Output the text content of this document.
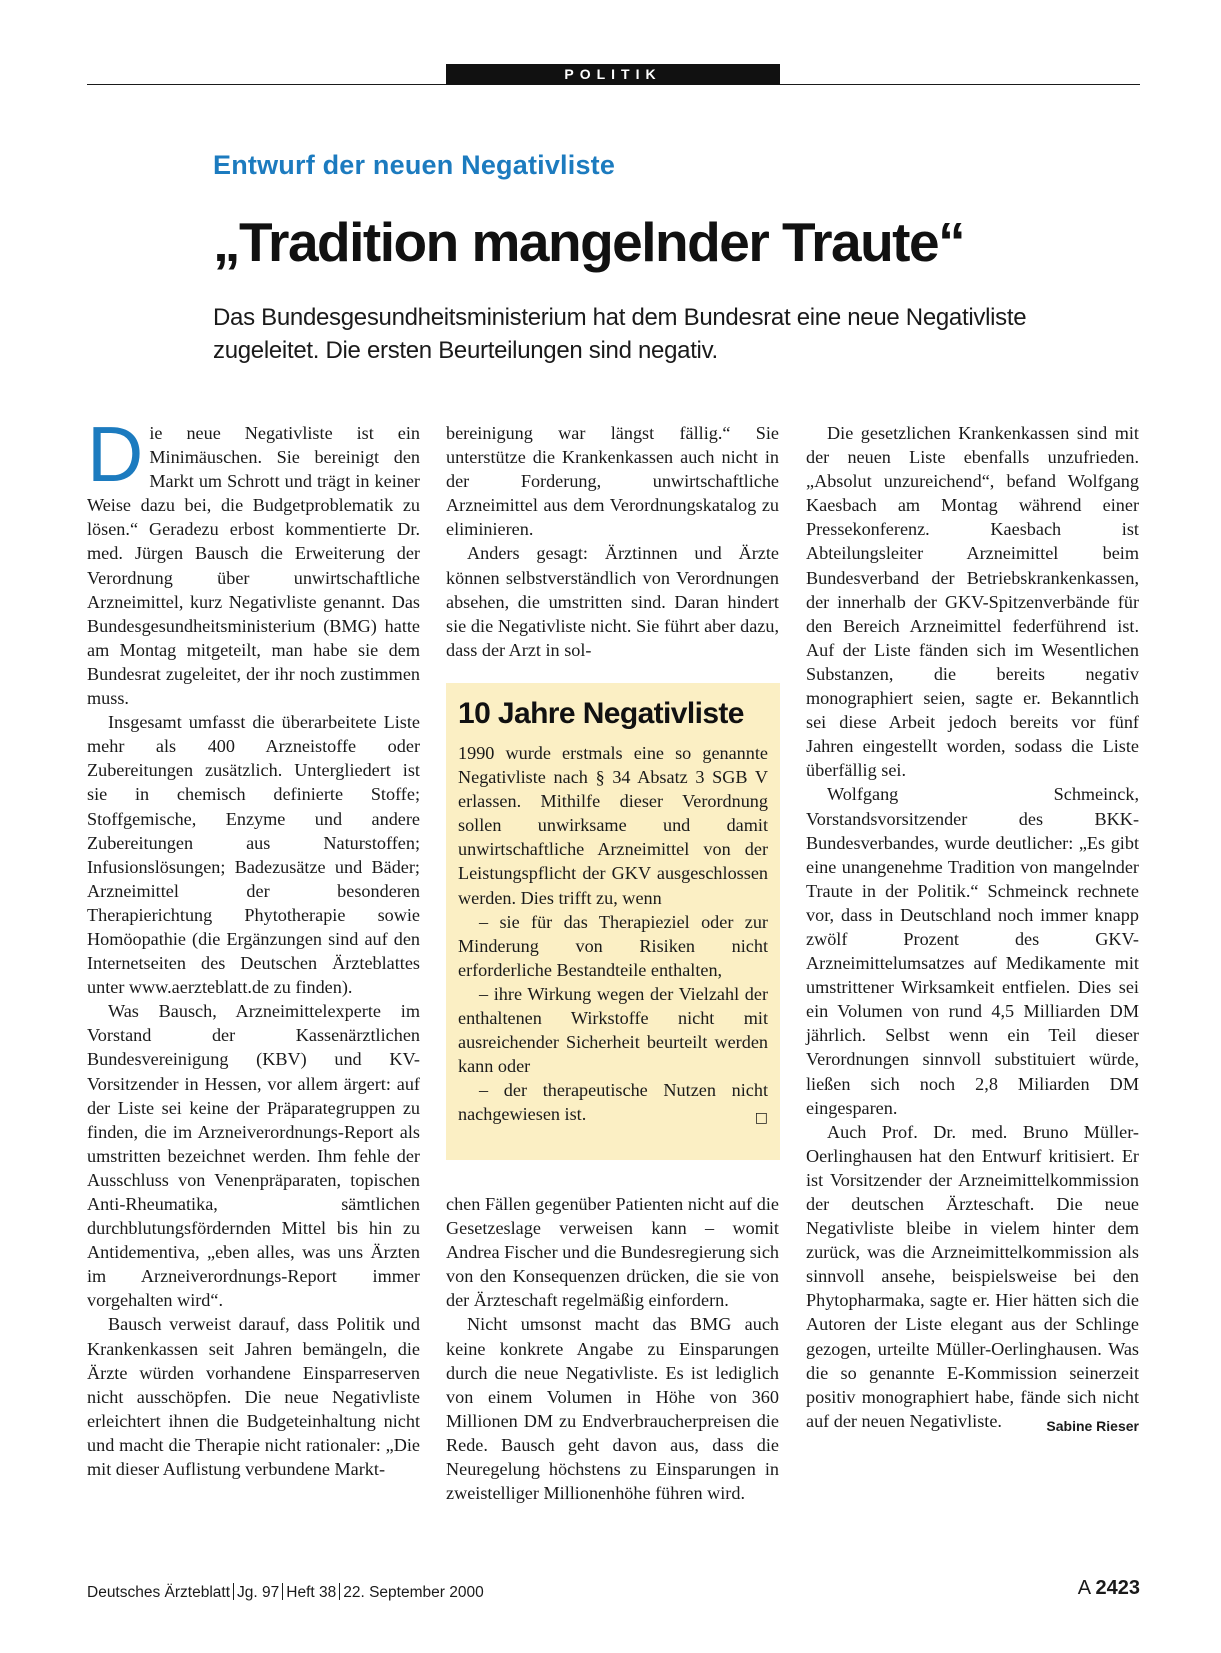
POLITIK
Entwurf der neuen Negativliste
„Tradition mangelnder Traute“
Das Bundesgesundheitsministerium hat dem Bundesrat eine neue Negativliste zugeleitet. Die ersten Beurteilungen sind negativ.

Die neue Negativliste ist ein Minimäuschen. Sie bereinigt den Markt um Schrott und trägt in keiner Weise dazu bei, die Budgetproblematik zu lösen.“ Geradezu erbost kommentierte Dr. med. Jürgen Bausch die Erweiterung der Verordnung über unwirtschaftliche Arzneimittel, kurz Negativliste genannt. Das Bundesgesundheitsministerium (BMG) hatte am Montag mitgeteilt, man habe sie dem Bundesrat zugeleitet, der ihr noch zustimmen muss.

Insgesamt umfasst die überarbeitete Liste mehr als 400 Arzneistoffe oder Zubereitungen zusätzlich. Untergliedert ist sie in chemisch definierte Stoffe; Stoffgemische, Enzyme und andere Zubereitungen aus Naturstoffen; Infusionslösungen; Badezusätze und Bäder; Arzneimittel der besonderen Therapierichtung Phytotherapie sowie Homöopathie (die Ergänzungen sind auf den Internetseiten des Deutschen Ärzteblattes unter www.aerzteblatt.de zu finden).

Was Bausch, Arzneimittelexperte im Vorstand der Kassenärztlichen Bundesvereinigung (KBV) und KV-Vorsitzender in Hessen, vor allem ärgert: auf der Liste sei keine der Präparategruppen zu finden, die im Arzneiverordnungs-Report als umstritten bezeichnet werden. Ihm fehle der Ausschluss von Venenpräparaten, topischen Anti-Rheumatika, sämtlichen durchblutungsfördernden Mittel bis hin zu Antidementiva, „eben alles, was uns Ärzten im Arzneiverordnungs-Report immer vorgehalten wird“.

Bausch verweist darauf, dass Politik und Krankenkassen seit Jahren bemängeln, die Ärzte würden vorhandene Einsparreserven nicht ausschöpfen. Die neue Negativliste erleichtert ihnen die Budgeteinhaltung nicht und macht die Therapie nicht rationaler: „Die mit dieser Auflistung verbundene Markt-

bereinigung war längst fällig.“ Sie unterstütze die Krankenkassen auch nicht in der Forderung, unwirtschaftliche Arzneimittel aus dem Verordnungskatalog zu eliminieren.

Anders gesagt: Ärztinnen und Ärzte können selbstverständlich von Verordnungen absehen, die umstritten sind. Daran hindert sie die Negativliste nicht. Sie führt aber dazu, dass der Arzt in sol-

10 Jahre Negativliste

1990 wurde erstmals eine so genannte Negativliste nach § 34 Absatz 3 SGB V erlassen. Mithilfe dieser Verordnung sollen unwirksame und damit unwirtschaftliche Arzneimittel von der Leistungspflicht der GKV ausgeschlossen werden. Dies trifft zu, wenn

– sie für das Therapieziel oder zur Minderung von Risiken nicht erforderliche Bestandteile enthalten,

– ihre Wirkung wegen der Vielzahl der enthaltenen Wirkstoffe nicht mit ausreichender Sicherheit beurteilt werden kann oder

– der therapeutische Nutzen nicht nachgewiesen ist.	□

chen Fällen gegenüber Patienten nicht auf die Gesetzeslage verweisen kann – womit Andrea Fischer und die Bundesregierung sich von den Konsequenzen drücken, die sie von der Ärzteschaft regelmäßig einfordern.

Nicht umsonst macht das BMG auch keine konkrete Angabe zu Einsparungen durch die neue Negativliste. Es ist lediglich von einem Volumen in Höhe von 360 Millionen DM zu Endverbraucherpreisen die Rede. Bausch geht davon aus, dass die Neuregelung höchstens zu Einsparungen in zweistelliger Millionenhöhe führen wird.

Die gesetzlichen Krankenkassen sind mit der neuen Liste ebenfalls unzufrieden. „Absolut unzureichend“, befand Wolfgang Kaesbach am Montag während einer Pressekonferenz. Kaesbach ist Abteilungsleiter Arzneimittel beim Bundesverband der Betriebskrankenkassen, der innerhalb der GKV-Spitzenverbände für den Bereich Arzneimittel federführend ist. Auf der Liste fänden sich im Wesentlichen Substanzen, die bereits negativ monographiert seien, sagte er. Bekanntlich sei diese Arbeit jedoch bereits vor fünf Jahren eingestellt worden, sodass die Liste überfällig sei.

Wolfgang Schmeinck, Vorstandsvorsitzender des BKK-Bundesverbandes, wurde deutlicher: „Es gibt eine unangenehme Tradition von mangelnder Traute in der Politik.“ Schmeinck rechnete vor, dass in Deutschland noch immer knapp zwölf Prozent des GKV-Arzneimittelumsatzes auf Medikamente mit umstrittener Wirksamkeit entfielen. Dies sei ein Volumen von rund 4,5 Milliarden DM jährlich. Selbst wenn ein Teil dieser Verordnungen sinnvoll substituiert würde, ließen sich noch 2,8 Miliarden DM eingesparen.

Auch Prof. Dr. med. Bruno Müller-Oerlinghausen hat den Entwurf kritisiert. Er ist Vorsitzender der Arzneimittelkommission der deutschen Ärzteschaft. Die neue Negativliste bleibe in vielem hinter dem zurück, was die Arzneimittelkommission als sinnvoll ansehe, beispielsweise bei den Phytopharmaka, sagte er. Hier hätten sich die Autoren der Liste elegant aus der Schlinge gezogen, urteilte Müller-Oerlinghausen. Was die so genannte E-Kommission seinerzeit positiv monographiert habe, fände sich nicht auf der neuen Negativliste.	Sabine Rieser

Deutsches Ärzteblatt Jg. 97 Heft 38 22. September 2000	A 2423
